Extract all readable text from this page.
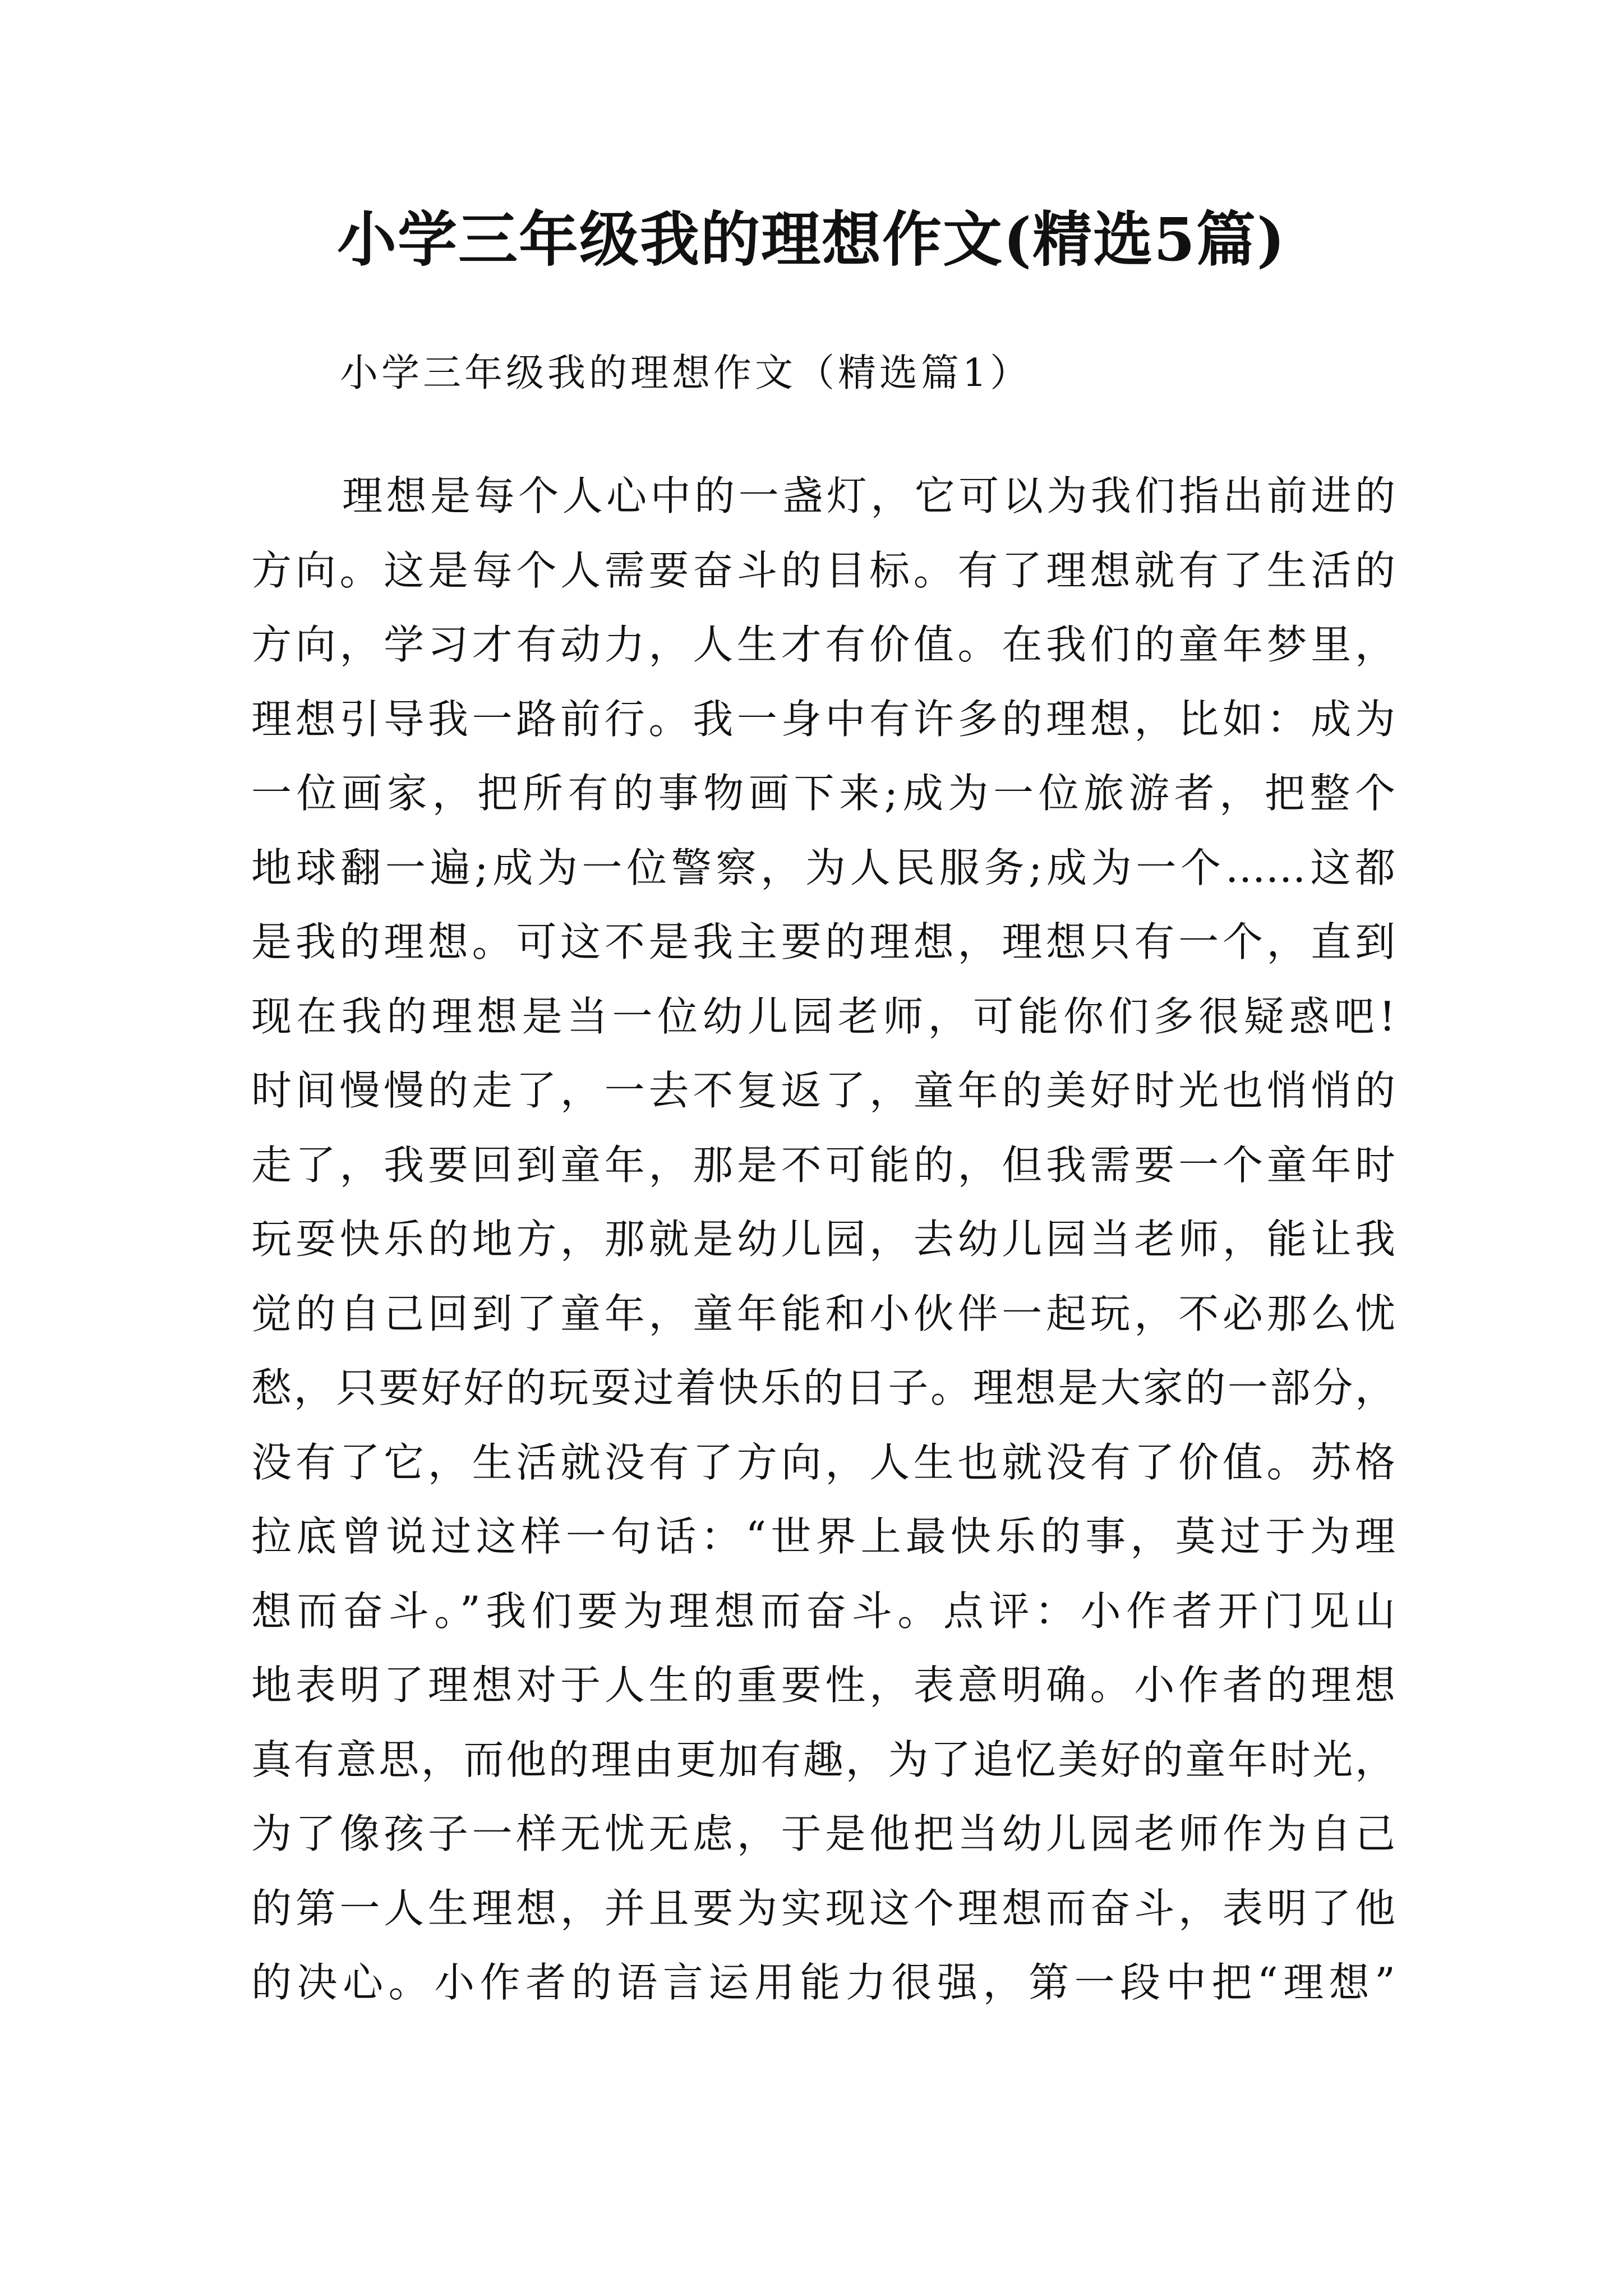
小学三年级我的理想作文(精选5篇)
小学三年级我的理想作文（精选篇1）
理想是每个人心中的一盏灯，它可以为我们指出前进的
方向。这是每个人需要奋斗的目标。有了理想就有了生活的
方向，学习才有动力，人生才有价值。在我们的童年梦里，
理想引导我一路前行。我一身中有许多的理想，比如：成为
一位画家，把所有的事物画下来;成为一位旅游者，把整个
地球翻一遍;成为一位警察，为人民服务;成为一个……这都
是我的理想。可这不是我主要的理想，理想只有一个，直到
现在我的理想是当一位幼儿园老师，可能你们多很疑惑吧!
时间慢慢的走了，一去不复返了，童年的美好时光也悄悄的
走了，我要回到童年，那是不可能的，但我需要一个童年时
玩耍快乐的地方，那就是幼儿园，去幼儿园当老师，能让我
觉的自己回到了童年，童年能和小伙伴一起玩，不必那么忧
愁，只要好好的玩耍过着快乐的日子。理想是大家的一部分，
没有了它，生活就没有了方向，人生也就没有了价值。苏格
拉底曾说过这样一句话：“世界上最快乐的事，莫过于为理
想而奋斗。”我们要为理想而奋斗。点评：小作者开门见山
地表明了理想对于人生的重要性，表意明确。小作者的理想
真有意思，而他的理由更加有趣，为了追忆美好的童年时光，
为了像孩子一样无忧无虑，于是他把当幼儿园老师作为自己
的第一人生理想，并且要为实现这个理想而奋斗，表明了他
的决心。小作者的语言运用能力很强，第一段中把“理想”
